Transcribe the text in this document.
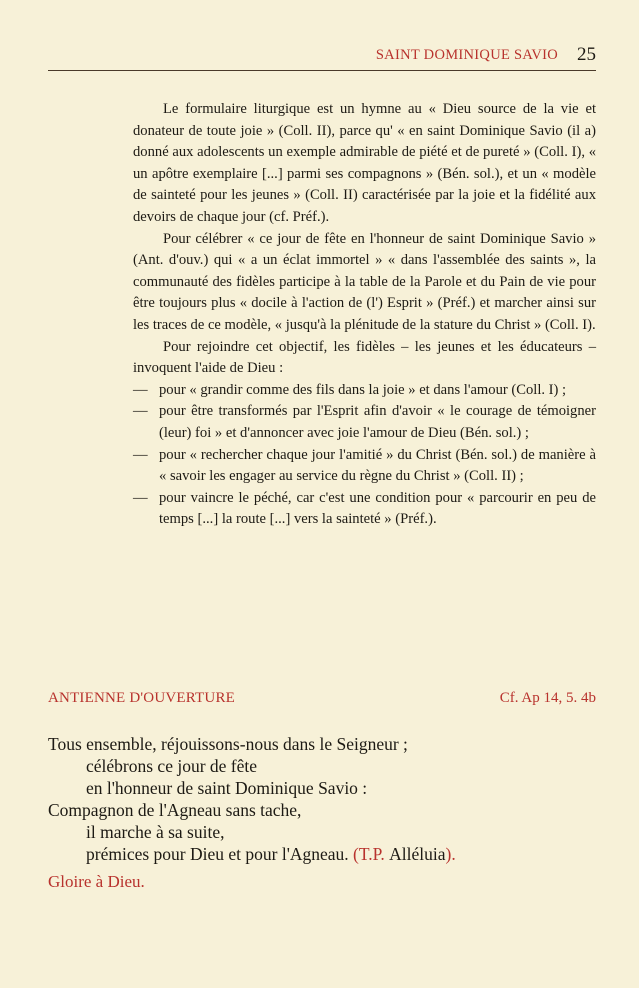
SAINT DOMINIQUE SAVIO 25

Le formulaire liturgique est un hymne au « Dieu source de la vie et donateur de toute joie » (Coll. II), parce qu' « en saint Dominique Savio (il a) donné aux adolescents un exemple admirable de piété et de pureté » (Coll. I), « un apôtre exemplaire [...] parmi ses compagnons » (Bén. sol.), et un « modèle de sainteté pour les jeunes » (Coll. II) caractérisée par la joie et la fidélité aux devoirs de chaque jour (cf. Préf.).

Pour célébrer « ce jour de fête en l'honneur de saint Dominique Savio » (Ant. d'ouv.) qui « a un éclat immortel » « dans l'assemblée des saints », la communauté des fidèles participe à la table de la Parole et du Pain de vie pour être toujours plus « docile à l'action de (l') Esprit » (Préf.) et marcher ainsi sur les traces de ce modèle, « jusqu'à la plénitude de la stature du Christ » (Coll. I).

Pour rejoindre cet objectif, les fidèles – les jeunes et les éducateurs – invoquent l'aide de Dieu :

— pour « grandir comme des fils dans la joie » et dans l'amour (Coll. I) ;
— pour être transformés par l'Esprit afin d'avoir « le courage de témoigner (leur) foi » et d'annoncer avec joie l'amour de Dieu (Bén. sol.) ;
— pour « rechercher chaque jour l'amitié » du Christ (Bén. sol.) de manière à « savoir les engager au service du règne du Christ » (Coll. II) ;
— pour vaincre le péché, car c'est une condition pour « parcourir en peu de temps [...] la route [...] vers la sainteté » (Préf.).
ANTIENNE D'OUVERTURE	Cf. Ap 14, 5. 4b
Tous ensemble, réjouissons-nous dans le Seigneur ;
célébrons ce jour de fête
en l'honneur de saint Dominique Savio :
Compagnon de l'Agneau sans tache,
il marche à sa suite,
prémices pour Dieu et pour l'Agneau. (T.P. Alléluia).
Gloire à Dieu.
